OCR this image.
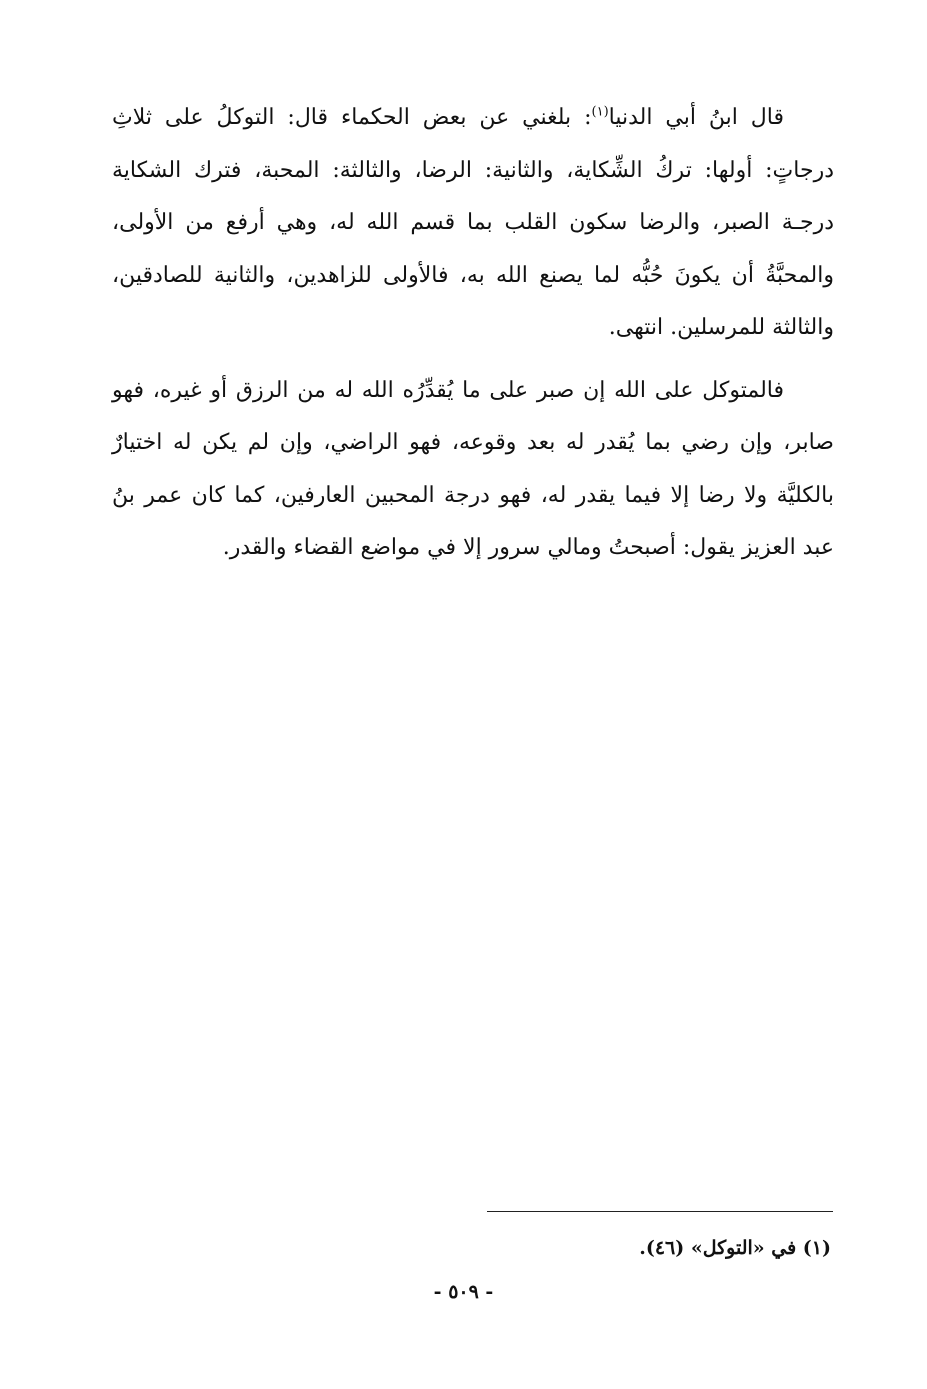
قال ابنُ أبي الدنيا$^{(١)}$: بلغني عن بعض الحكماء قال: التوكلُ على ثلاثِ درجاتٍ: أولها: تركُ الشِّكاية، والثانية: الرضا، والثالثة: المحبة، فترك الشكاية درجـة الصبر، والرضا سكون القلب بما قسم الله له، وهي أرفع من الأولى، والمحبَّةُ أن يكونَ حُبُّه لما يصنع الله به، فالأولى للزاهدين، والثانية للصادقين، والثالثة للمرسلين. انتهى.

فالمتوكل على الله إن صبر على ما يُقدِّرُه الله له من الرزق أو غيره، فهو صابر، وإن رضي بما يُقدر له بعد وقوعه، فهو الراضي، وإن لم يكن له اختيارٌ بالكليَّة ولا رضا إلا فيما يقدر له، فهو درجة المحبين العارفين، كما كان عمر بنُ عبد العزيز يقول: أصبحتُ ومالي سرور إلا في مواضع القضاء والقدر.

(١) في «التوكل» (٤٦).
- ٥٠٩ -
